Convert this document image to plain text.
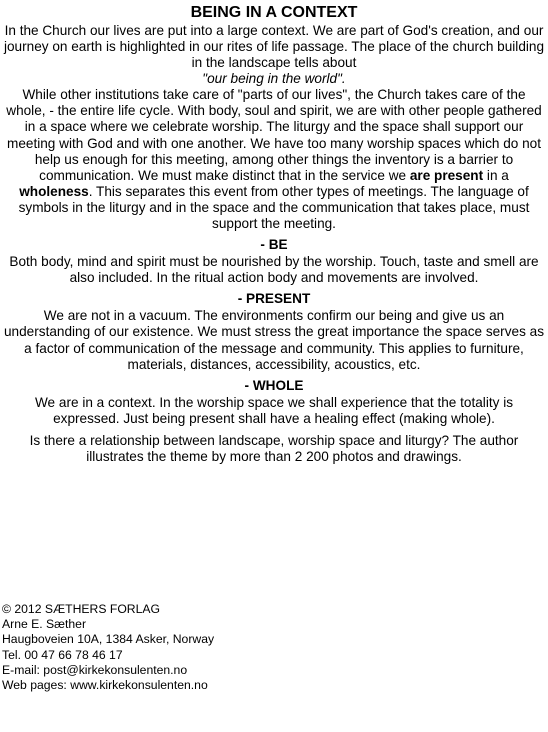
BEING IN A CONTEXT

In the Church our lives are put into a large context. We are part of God's creation, and our journey on earth is highlighted in our rites of life passage. The place of the church building in the landscape tells about

"our being in the world".

While other institutions take care of "parts of our lives", the Church takes care of the whole, - the entire life cycle. With body, soul and spirit, we are with other people gathered in a space where we celebrate worship. The liturgy and the space shall support our meeting with God and with one another. We have too many worship spaces which do not help us enough for this meeting, among other things the inventory is a barrier to communication. We must make distinct that in the service we are present in a wholeness. This separates this event from other types of meetings. The language of symbols in the liturgy and in the space and the communication that takes place, must support the meeting.

- BE

Both body, mind and spirit must be nourished by the worship. Touch, taste and smell are also included. In the ritual action body and movements are involved.

- PRESENT

We are not in a vacuum. The environments confirm our being and give us an understanding of our existence. We must stress the great importance the space serves as a factor of communication of the message and community. This applies to furniture, materials, distances, accessibility, acoustics, etc.

- WHOLE

We are in a context. In the worship space we shall experience that the totality is expressed. Just being present shall have a healing effect (making whole).

Is there a relationship between landscape, worship space and liturgy? The author illustrates the theme by more than 2 200 photos and drawings.

© 2012 SÆTHERS FORLAG
Arne E. Sæther
Haugboveien 10A, 1384 Asker, Norway
Tel. 00 47 66 78 46 17
E-mail: post@kirkekonsulenten.no
Web pages: www.kirkekonsulenten.no
